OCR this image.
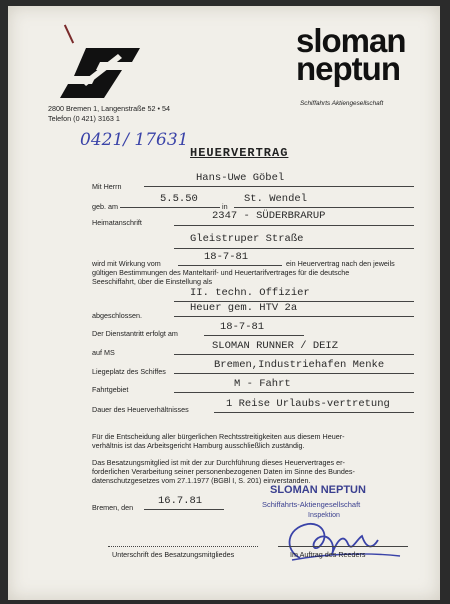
sloman
neptun
Schiffahrts Aktiengesellschaft
2800 Bremen 1, Langenstraße 52 • 54
Telefon (0 421) 3163 1
0421/ 17631
HEUERVERTRAG
Mit Herrn
Hans-Uwe Göbel
geb. am
5.5.50
in
St. Wendel
Heimatanschrift
2347 - SÜDERBRARUP
Gleistruper Straße
wird mit Wirkung vom
18-7-81
ein Heuervertrag nach den jeweils
gültigen Bestimmungen des Manteltarif- und Heuertarifvertrages für die deutsche
Seeschiffahrt, über die Einstellung als
II. techn. Offizier
Heuer gem. HTV 2a
abgeschlossen.
Der Dienstantritt erfolgt am
18-7-81
auf MS
SLOMAN RUNNER / DEIZ
Liegeplatz des Schiffes
Bremen,Industriehafen Menke
Fahrtgebiet	M - Fahrt
Dauer des Heuerverhältnisses	1 Reise Urlaubs-vertretung
Für die Entscheidung aller bürgerlichen Rechtsstreitigkeiten aus diesem Heuer-
verhältnis ist das Arbeitsgericht Hamburg ausschließlich zuständig.
Das Besatzungsmitglied ist mit der zur Durchführung dieses Heuervertrages er-
forderlichen Verarbeitung seiner personenbezogenen Daten im Sinne des Bundes-
datenschutzgesetzes vom 27.1.1977 (BGBl I, S. 201) einverstanden.
Bremen, den
16.7.81
SLOMAN NEPTUN
Schiffahrts-Aktiengesellschaft
Inspektion
Unterschrift des Besatzungsmitgliedes	Im Auftrag des Reeders
